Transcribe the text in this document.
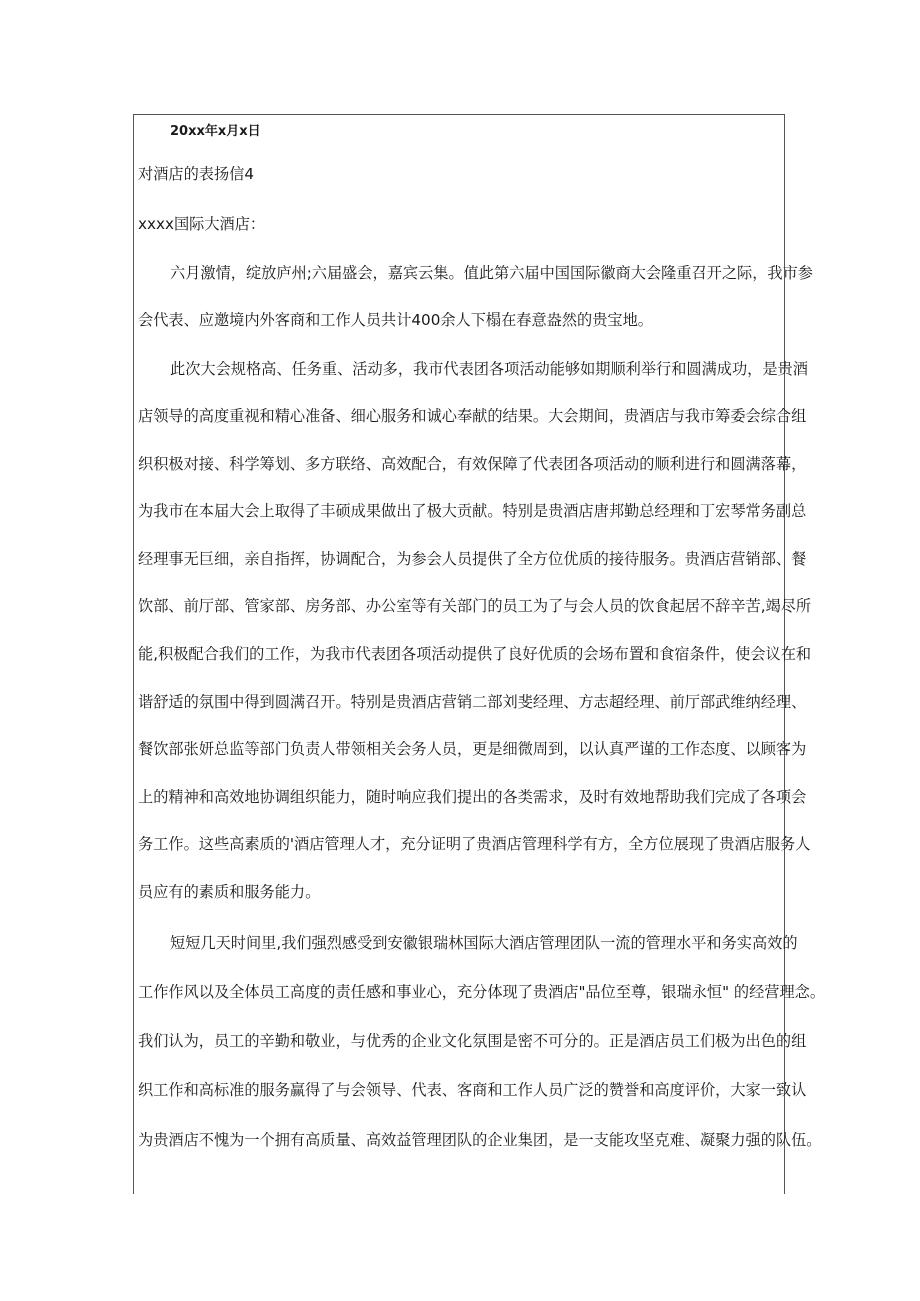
20xx年x月x日
对酒店的表扬信4
xxxx国际大酒店：
六月激情，绽放庐州;六届盛会，嘉宾云集。值此第六届中国国际徽商大会隆重召开之际，我市参
会代表、应邀境内外客商和工作人员共计400余人下榻在春意盎然的贵宝地。
此次大会规格高、任务重、活动多，我市代表团各项活动能够如期顺利举行和圆满成功，是贵酒
店领导的高度重视和精心准备、细心服务和诚心奉献的结果。大会期间，贵酒店与我市筹委会综合组
织积极对接、科学筹划、多方联络、高效配合，有效保障了代表团各项活动的顺利进行和圆满落幕，
为我市在本届大会上取得了丰硕成果做出了极大贡献。特别是贵酒店唐邦勤总经理和丁宏琴常务副总
经理事无巨细，亲自指挥，协调配合，为参会人员提供了全方位优质的接待服务。贵酒店营销部、餐
饮部、前厅部、管家部、房务部、办公室等有关部门的员工为了与会人员的饮食起居不辞辛苦,竭尽所
能,积极配合我们的工作，为我市代表团各项活动提供了良好优质的会场布置和食宿条件，使会议在和
谐舒适的氛围中得到圆满召开。特别是贵酒店营销二部刘斐经理、方志超经理、前厅部武维纳经理、
餐饮部张妍总监等部门负责人带领相关会务人员，更是细微周到，以认真严谨的工作态度、以顾客为
上的精神和高效地协调组织能力，随时响应我们提出的各类需求，及时有效地帮助我们完成了各项会
务工作。这些高素质的'酒店管理人才，充分证明了贵酒店管理科学有方，全方位展现了贵酒店服务人
员应有的素质和服务能力。
短短几天时间里,我们强烈感受到安徽银瑞林国际大酒店管理团队一流的管理水平和务实高效的
工作作风以及全体员工高度的责任感和事业心，充分体现了贵酒店"品位至尊，银瑞永恒" 的经营理念。
我们认为，员工的辛勤和敬业，与优秀的企业文化氛围是密不可分的。正是酒店员工们极为出色的组
织工作和高标准的服务赢得了与会领导、代表、客商和工作人员广泛的赞誉和高度评价，大家一致认
为贵酒店不愧为一个拥有高质量、高效益管理团队的企业集团，是一支能攻坚克难、凝聚力强的队伍。
